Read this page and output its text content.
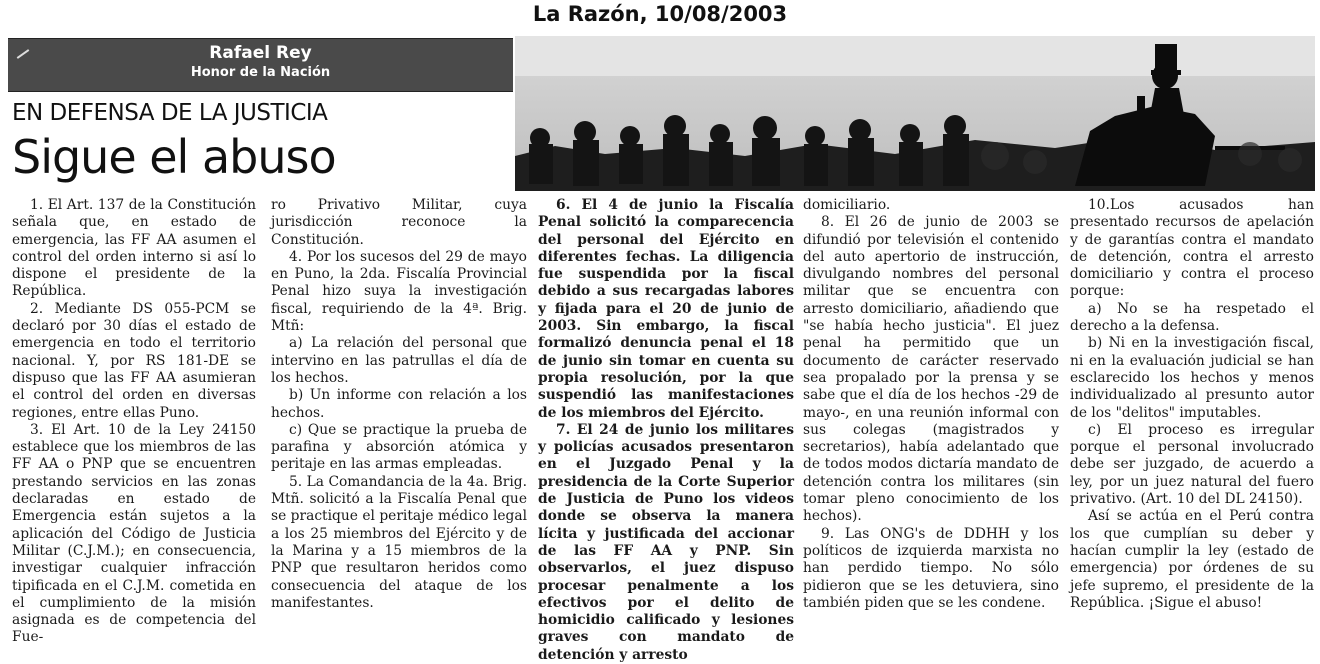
La Razón, 10/08/2003
Rafael Rey
Honor de la Nación
EN DEFENSA DE LA JUSTICIA
Sigue el abuso

1. El Art. 137 de la Constitución señala que, en estado de emergencia, las FF AA asumen el control del orden interno si así lo dispone el presidente de la República.

2. Mediante DS 055-PCM se declaró por 30 días el estado de emergencia en todo el territorio nacional. Y, por RS 181-DE se dispuso que las FF AA asumieran el control del orden en diversas regiones, entre ellas Puno.

3. El Art. 10 de la Ley 24150 establece que los miembros de las FF AA o PNP que se encuentren prestando servicios en las zonas declaradas en estado de Emergencia están sujetos a la aplicación del Código de Justicia Militar (C.J.M.); en consecuencia, investigar cualquier infracción tipificada en el C.J.M. cometida en el cumplimiento de la misión asignada es de competencia del Fue-

ro Privativo Militar, cuya jurisdicción reconoce la Constitución.

4. Por los sucesos del 29 de mayo en Puno, la 2da. Fiscalía Provincial Penal hizo suya la investigación fiscal, requiriendo de la 4ª. Brig. Mtñ:

a) La relación del personal que intervino en las patrullas el día de los hechos.

b) Un informe con relación a los hechos.

c) Que se practique la prueba de parafina y absorción atómica y peritaje en las armas empleadas.

5. La Comandancia de la 4a. Brig. Mtñ. solicitó a la Fiscalía Penal que se practique el peritaje médico legal a los 25 miembros del Ejército y de la Marina y a 15 miembros de la PNP que resultaron heridos como consecuencia del ataque de los manifestantes.

6. El 4 de junio la Fiscalía Penal solicitó la comparecencia del personal del Ejército en diferentes fechas. La diligencia fue suspendida por la fiscal debido a sus recargadas labores y fijada para el 20 de junio de 2003. Sin embargo, la fiscal formalizó denuncia penal el 18 de junio sin tomar en cuenta su propia resolución, por la que suspendió las manifestaciones de los miembros del Ejército.

7. El 24 de junio los militares y policías acusados presentaron en el Juzgado Penal y la presidencia de la Corte Superior de Justicia de Puno los videos donde se observa la manera lícita y justificada del accionar de las FF AA y PNP. Sin observarlos, el juez dispuso procesar penalmente a los efectivos por el delito de homicidio calificado y lesiones graves con mandato de detención y arresto

domiciliario.

8. El 26 de junio de 2003 se difundió por televisión el contenido del auto apertorio de instrucción, divulgando nombres del personal militar que se encuentra con arresto domiciliario, añadiendo que "se había hecho justicia". El juez penal ha permitido que un documento de carácter reservado sea propalado por la prensa y se sabe que el día de los hechos -29 de mayo-, en una reunión informal con sus colegas (magistrados y secretarios), había adelantado que de todos modos dictaría mandato de detención contra los militares (sin tomar pleno conocimiento de los hechos).

9. Las ONG's de DDHH y los políticos de izquierda marxista no han perdido tiempo. No sólo pidieron que se les detuviera, sino también piden que se les condene.

10.Los acusados han presentado recursos de apelación y de garantías contra el mandato de detención, contra el arresto domiciliario y contra el proceso porque:

a) No se ha respetado el derecho a la defensa.

b) Ni en la investigación fiscal, ni en la evaluación judicial se han esclarecido los hechos y menos individualizado al presunto autor de los "delitos" imputables.

c) El proceso es irregular porque el personal involucrado debe ser juzgado, de acuerdo a ley, por un juez natural del fuero privativo. (Art. 10 del DL 24150).

Así se actúa en el Perú contra los que cumplían su deber y hacían cumplir la ley (estado de emergencia) por órdenes de su jefe supremo, el presidente de la República. ¡Sigue el abuso!
